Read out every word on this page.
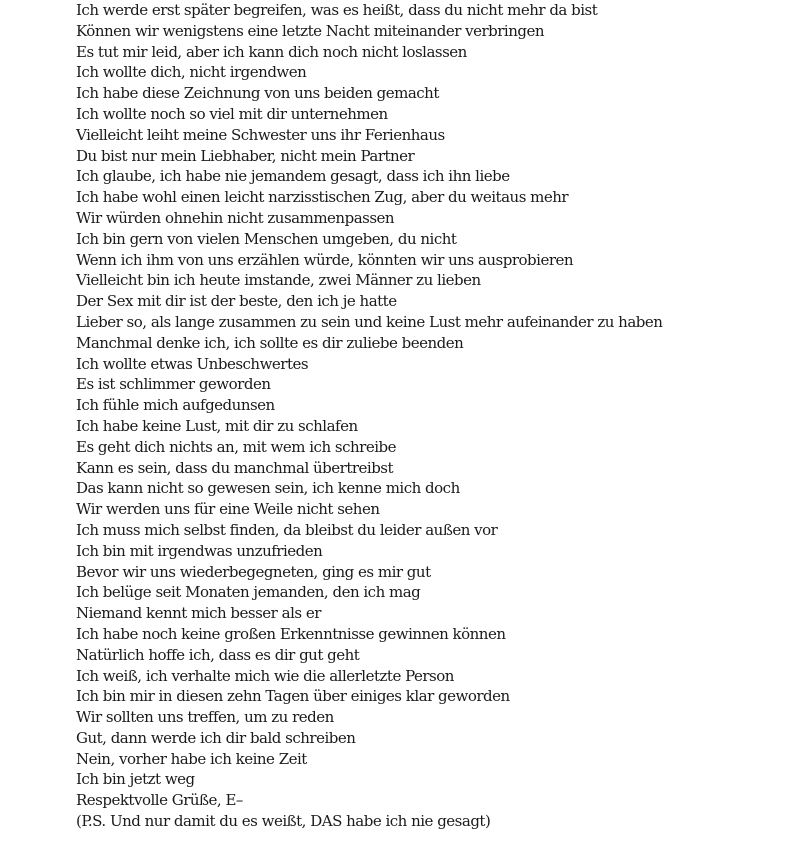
Ich werde erst später begreifen, was es heißt, dass du nicht mehr da bist
Können wir wenigstens eine letzte Nacht miteinander verbringen
Es tut mir leid, aber ich kann dich noch nicht loslassen
Ich wollte dich, nicht irgendwen
Ich habe diese Zeichnung von uns beiden gemacht
Ich wollte noch so viel mit dir unternehmen
Vielleicht leiht meine Schwester uns ihr Ferienhaus
Du bist nur mein Liebhaber, nicht mein Partner
Ich glaube, ich habe nie jemandem gesagt, dass ich ihn liebe
Ich habe wohl einen leicht narzisstischen Zug, aber du weitaus mehr
Wir würden ohnehin nicht zusammenpassen
Ich bin gern von vielen Menschen umgeben, du nicht
Wenn ich ihm von uns erzählen würde, könnten wir uns ausprobieren
Vielleicht bin ich heute imstande, zwei Männer zu lieben
Der Sex mit dir ist der beste, den ich je hatte
Lieber so, als lange zusammen zu sein und keine Lust mehr aufeinander zu haben
Manchmal denke ich, ich sollte es dir zuliebe beenden
Ich wollte etwas Unbeschwertes
Es ist schlimmer geworden
Ich fühle mich aufgedunsen
Ich habe keine Lust, mit dir zu schlafen
Es geht dich nichts an, mit wem ich schreibe
Kann es sein, dass du manchmal übertreibst
Das kann nicht so gewesen sein, ich kenne mich doch
Wir werden uns für eine Weile nicht sehen
Ich muss mich selbst finden, da bleibst du leider außen vor
Ich bin mit irgendwas unzufrieden
Bevor wir uns wiederbegegneten, ging es mir gut
Ich belüge seit Monaten jemanden, den ich mag
Niemand kennt mich besser als er
Ich habe noch keine großen Erkenntnisse gewinnen können
Natürlich hoffe ich, dass es dir gut geht
Ich weiß, ich verhalte mich wie die allerletzte Person
Ich bin mir in diesen zehn Tagen über einiges klar geworden
Wir sollten uns treffen, um zu reden
Gut, dann werde ich dir bald schreiben
Nein, vorher habe ich keine Zeit
Ich bin jetzt weg
Respektvolle Grüße, E–
(P.S. Und nur damit du es weißt, DAS habe ich nie gesagt)
